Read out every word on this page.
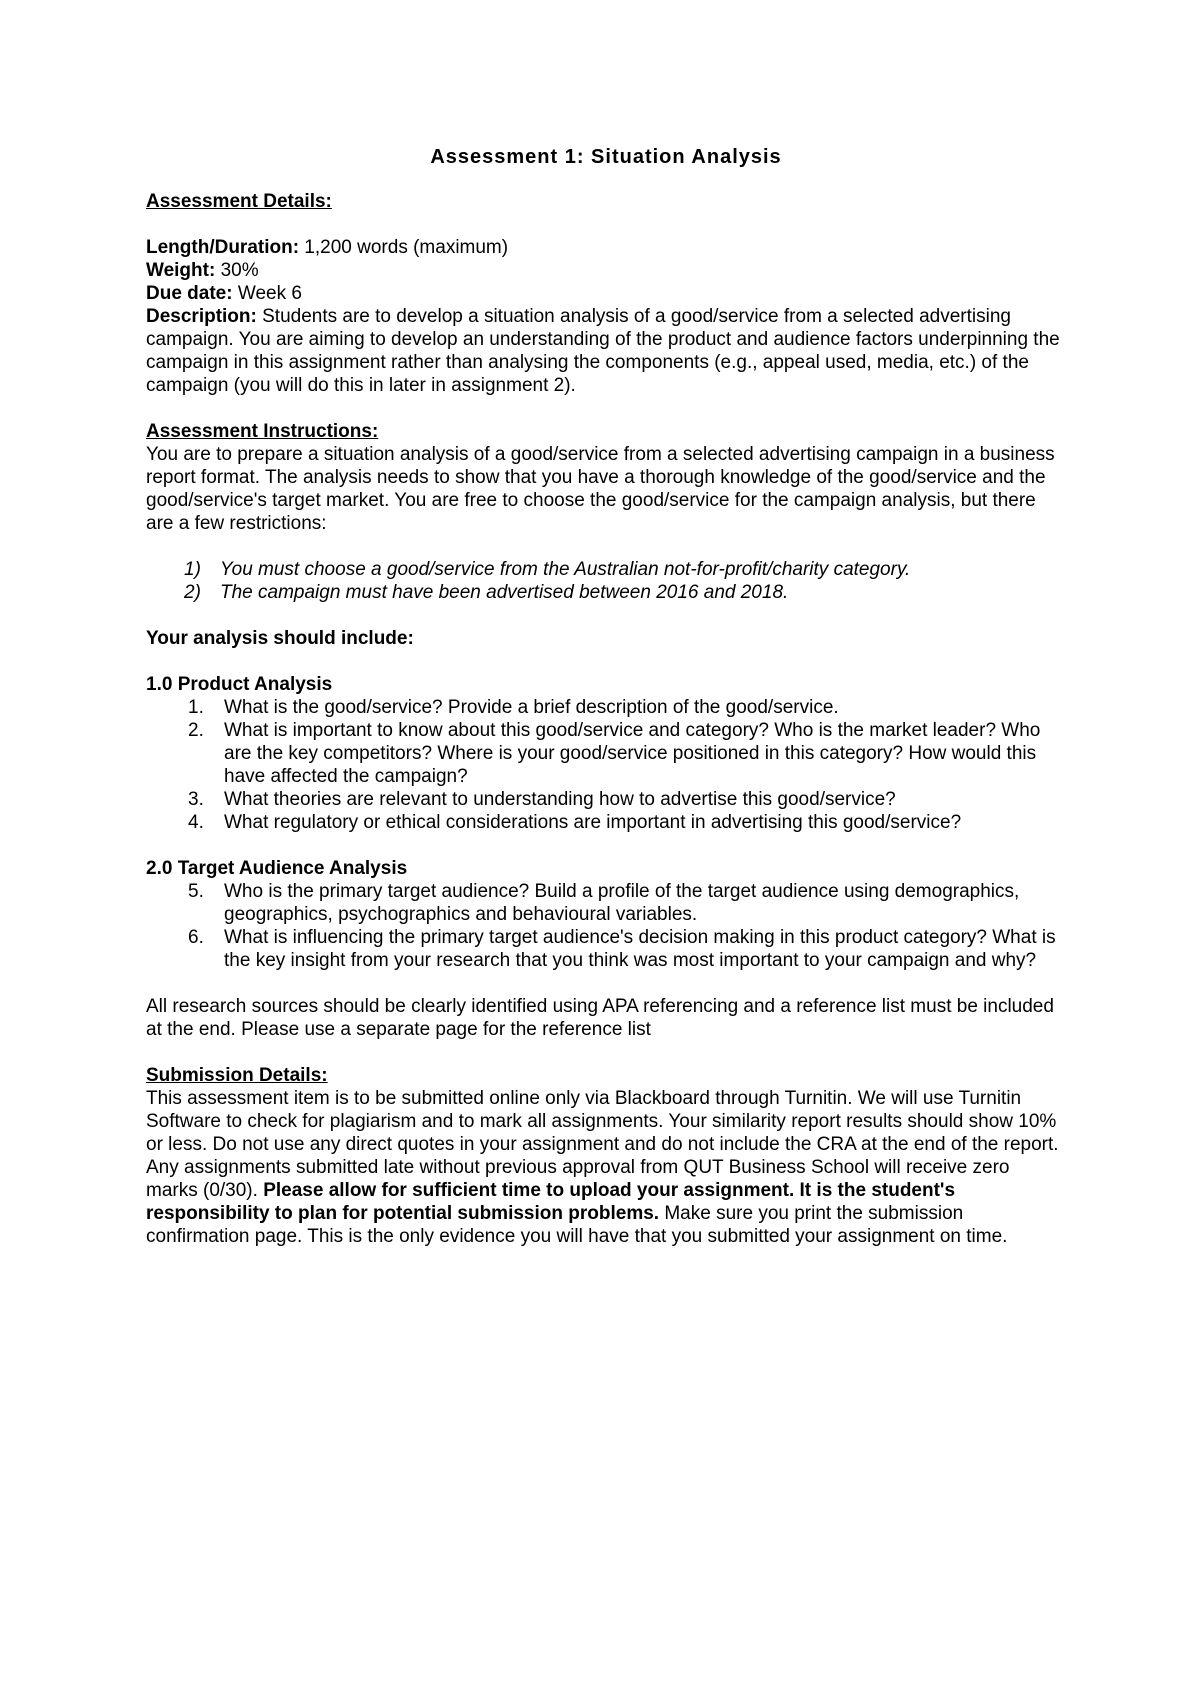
Assessment 1: Situation Analysis
Assessment Details:

Length/Duration: 1,200 words (maximum)

Weight: 30%

Due date: Week 6

Description: Students are to develop a situation analysis of a good/service from a selected advertising campaign. You are aiming to develop an understanding of the product and audience factors underpinning the campaign in this assignment rather than analysing the components (e.g., appeal used, media, etc.) of the campaign (you will do this in later in assignment 2).

Assessment Instructions:

You are to prepare a situation analysis of a good/service from a selected advertising campaign in a business report format. The analysis needs to show that you have a thorough knowledge of the good/service and the good/service's target market. You are free to choose the good/service for the campaign analysis, but there are a few restrictions:

1) You must choose a good/service from the Australian not-for-profit/charity category.
2) The campaign must have been advertised between 2016 and 2018.
Your analysis should include:
1.0 Product Analysis
1. What is the good/service? Provide a brief description of the good/service.
2. What is important to know about this good/service and category? Who is the market leader? Who are the key competitors? Where is your good/service positioned in this category? How would this have affected the campaign?
3. What theories are relevant to understanding how to advertise this good/service?
4. What regulatory or ethical considerations are important in advertising this good/service?
2.0 Target Audience Analysis
5. Who is the primary target audience? Build a profile of the target audience using demographics, geographics, psychographics and behavioural variables.
6. What is influencing the primary target audience's decision making in this product category? What is the key insight from your research that you think was most important to your campaign and why?

All research sources should be clearly identified using APA referencing and a reference list must be included at the end. Please use a separate page for the reference list

Submission Details:

This assessment item is to be submitted online only via Blackboard through Turnitin. We will use Turnitin Software to check for plagiarism and to mark all assignments. Your similarity report results should show 10% or less. Do not use any direct quotes in your assignment and do not include the CRA at the end of the report. Any assignments submitted late without previous approval from QUT Business School will receive zero marks (0/30). Please allow for sufficient time to upload your assignment. It is the student's responsibility to plan for potential submission problems. Make sure you print the submission confirmation page. This is the only evidence you will have that you submitted your assignment on time.
